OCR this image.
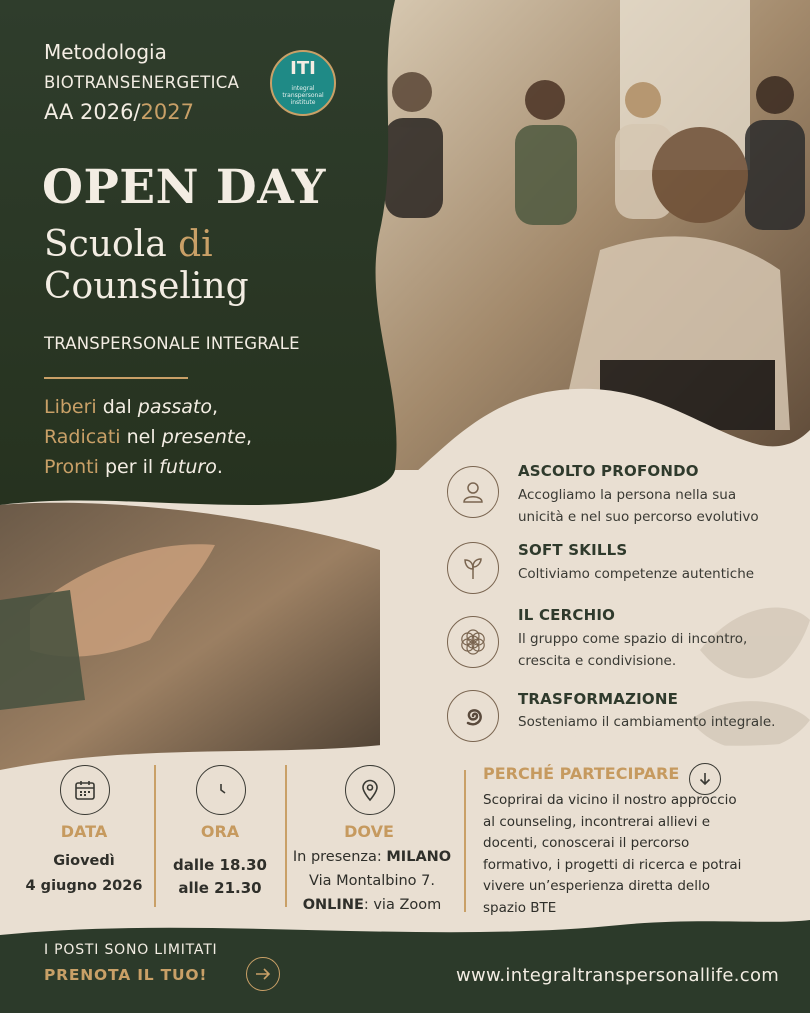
Metodologia

BIOTRANSENERGETICA

AA 2026/2027

ITI
integral transpersonal institute

OPEN DAY

Scuola di

Counseling

TRANSPERSONALE INTEGRALE

Liberi dal passato,

Radicati nel presente,

Pronti per il futuro.	ASCOLTO PROFONDO

Accogliamo la persona nella sua unicità e nel suo percorso evolutivo

SOFT SKILLS

Coltiviamo competenze autentiche

IL CERCHIO

Il gruppo come spazio di incontro, crescita e condivisione.

TRASFORMAZIONE

Sosteniamo il cambiamento integrale.

DATA

Giovedì

4 giugno 2026

ORA

dalle 18.30

alle 21.30

DOVE

In presenza: MILANO

Via Montalbino 7.

ONLINE: via Zoom

PERCHÉ PARTECIPARE

Scoprirai da vicino il nostro approccio al counseling, incontrerai allievi e docenti, conoscerai il percorso formativo, i progetti di ricerca e potrai vivere un’esperienza diretta dello spazio BTE

I POSTI SONO LIMITATI

PRENOTA IL TUO!	www.integraltranspersonallife.com
